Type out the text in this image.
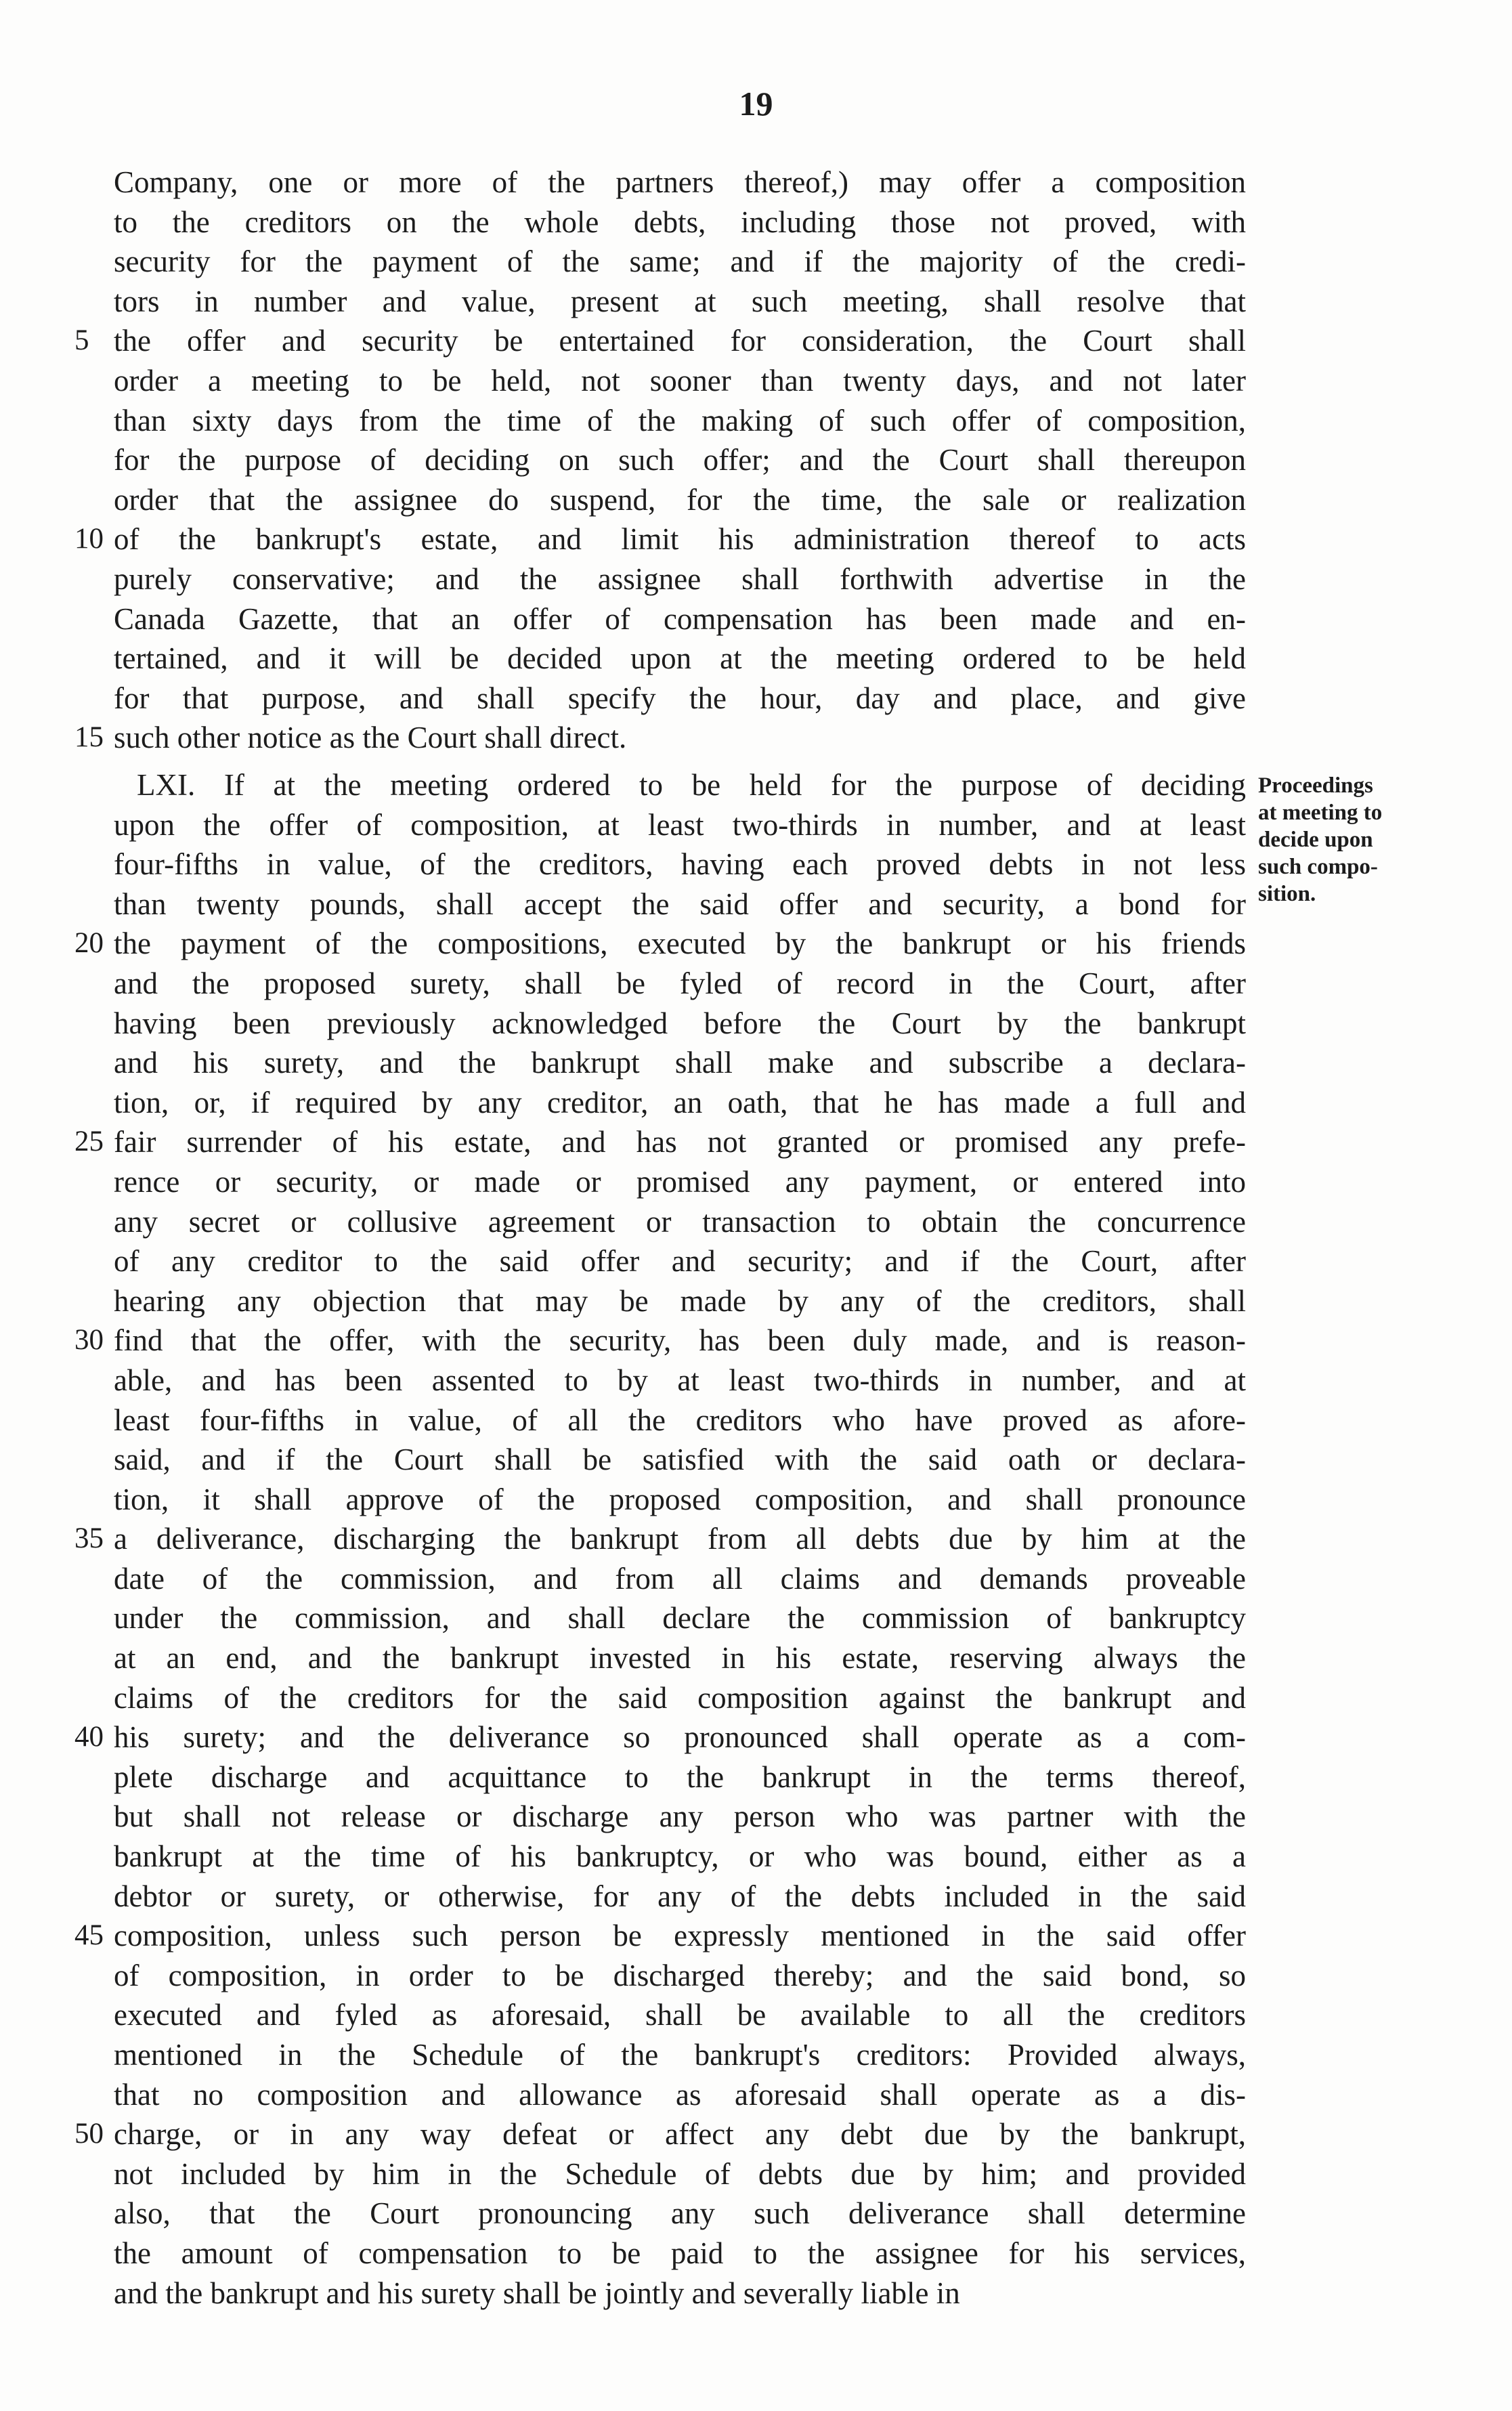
19
Company, one or more of the partners thereof,) may offer a composition
to the creditors on the whole debts, including those not proved, with
security for the payment of the same; and if the majority of the credi-
tors in number and value, present at such meeting, shall resolve that
5 the offer and security be entertained for consideration, the Court shall
order a meeting to be held, not sooner than twenty days, and not later
than sixty days from the time of the making of such offer of composition,
for the purpose of deciding on such offer; and the Court shall thereupon
order that the assignee do suspend, for the time, the sale or realization
10 of the bankrupt's estate, and limit his administration thereof to acts
purely conservative; and the assignee shall forthwith advertise in the
Canada Gazette, that an offer of compensation has been made and en-
tertained, and it will be decided upon at the meeting ordered to be held
for that purpose, and shall specify the hour, day and place, and give
15 such other notice as the Court shall direct.
Proceedings
at meeting to
decide upon
such compo-
sition.
LXI. If at the meeting ordered to be held for the purpose of deciding
upon the offer of composition, at least two-thirds in number, and at least
four-fifths in value, of the creditors, having each proved debts in not less
than twenty pounds, shall accept the said offer and security, a bond for
20 the payment of the compositions, executed by the bankrupt or his friends
and the proposed surety, shall be fyled of record in the Court, after
having been previously acknowledged before the Court by the bankrupt
and his surety, and the bankrupt shall make and subscribe a declara-
tion, or, if required by any creditor, an oath, that he has made a full and
25 fair surrender of his estate, and has not granted or promised any prefe-
rence or security, or made or promised any payment, or entered into
any secret or collusive agreement or transaction to obtain the concurrence
of any creditor to the said offer and security; and if the Court, after
hearing any objection that may be made by any of the creditors, shall
30 find that the offer, with the security, has been duly made, and is reason-
able, and has been assented to by at least two-thirds in number, and at
least four-fifths in value, of all the creditors who have proved as afore-
said, and if the Court shall be satisfied with the said oath or declara-
tion, it shall approve of the proposed composition, and shall pronounce
35 a deliverance, discharging the bankrupt from all debts due by him at the
date of the commission, and from all claims and demands proveable
under the commission, and shall declare the commission of bankruptcy
at an end, and the bankrupt invested in his estate, reserving always the
claims of the creditors for the said composition against the bankrupt and
40 his surety; and the deliverance so pronounced shall operate as a com-
plete discharge and acquittance to the bankrupt in the terms thereof,
but shall not release or discharge any person who was partner with the
bankrupt at the time of his bankruptcy, or who was bound, either as a
debtor or surety, or otherwise, for any of the debts included in the said
45 composition, unless such person be expressly mentioned in the said offer
of composition, in order to be discharged thereby; and the said bond, so
executed and fyled as aforesaid, shall be available to all the creditors
mentioned in the Schedule of the bankrupt's creditors: Provided always,
that no composition and allowance as aforesaid shall operate as a dis-
50 charge, or in any way defeat or affect any debt due by the bankrupt,
not included by him in the Schedule of debts due by him; and provided
also, that the Court pronouncing any such deliverance shall determine
the amount of compensation to be paid to the assignee for his services,
and the bankrupt and his surety shall be jointly and severally liable in
